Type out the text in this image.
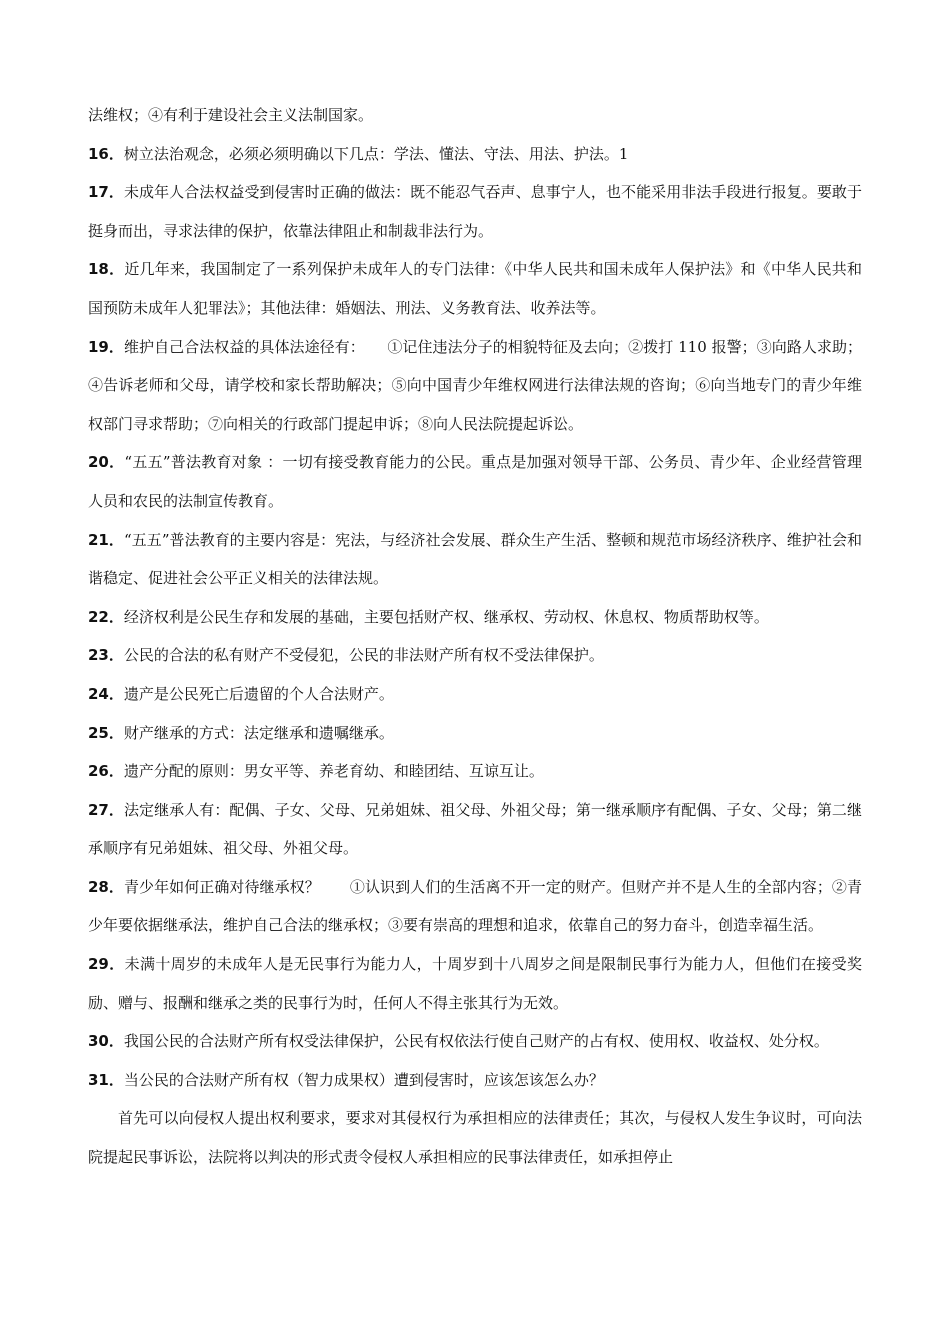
法维权；④有利于建设社会主义法制国家。

16．树立法治观念，必须必须明确以下几点：学法、懂法、守法、用法、护法。1

17．未成年人合法权益受到侵害时正确的做法：既不能忍气吞声、息事宁人，也不能采用非法手段进行报复。要敢于挺身而出，寻求法律的保护，依靠法律阻止和制裁非法行为。

18．近几年来，我国制定了一系列保护未成年人的专门法律：《中华人民共和国未成年人保护法》和《中华人民共和国预防未成年人犯罪法》；其他法律：婚姻法、刑法、义务教育法、收养法等。

19．维护自己合法权益的具体法途径有：　　①记住违法分子的相貌特征及去向；②拨打 110 报警；③向路人求助；④告诉老师和父母，请学校和家长帮助解决；⑤向中国青少年维权网进行法律法规的咨询；⑥向当地专门的青少年维权部门寻求帮助；⑦向相关的行政部门提起申诉；⑧向人民法院提起诉讼。

20．“五五”普法教育对象 ：一切有接受教育能力的公民。重点是加强对领导干部、公务员、青少年、企业经营管理人员和农民的法制宣传教育。

21．“五五”普法教育的主要内容是：宪法，与经济社会发展、群众生产生活、整顿和规范市场经济秩序、维护社会和谐稳定、促进社会公平正义相关的法律法规。

22．经济权利是公民生存和发展的基础，主要包括财产权、继承权、劳动权、休息权、物质帮助权等。

23．公民的合法的私有财产不受侵犯，公民的非法财产所有权不受法律保护。

24．遗产是公民死亡后遗留的个人合法财产。

25．财产继承的方式：法定继承和遗嘱继承。

26．遗产分配的原则：男女平等、养老育幼、和睦团结、互谅互让。

27．法定继承人有：配偶、子女、父母、兄弟姐妹、祖父母、外祖父母；第一继承顺序有配偶、子女、父母；第二继承顺序有兄弟姐妹、祖父母、外祖父母。

28．青少年如何正确对待继承权？　　①认识到人们的生活离不开一定的财产。但财产并不是人生的全部内容；②青少年要依据继承法，维护自己合法的继承权；③要有崇高的理想和追求，依靠自己的努力奋斗，创造幸福生活。

29．未满十周岁的未成年人是无民事行为能力人，十周岁到十八周岁之间是限制民事行为能力人，但他们在接受奖励、赠与、报酬和继承之类的民事行为时，任何人不得主张其行为无效。

30．我国公民的合法财产所有权受法律保护，公民有权依法行使自己财产的占有权、使用权、收益权、处分权。

31．当公民的合法财产所有权（智力成果权）遭到侵害时，应该怎该怎么办？

首先可以向侵权人提出权利要求，要求对其侵权行为承担相应的法律责任；其次，与侵权人发生争议时，可向法院提起民事诉讼，法院将以判决的形式责令侵权人承担相应的民事法律责任，如承担停止
